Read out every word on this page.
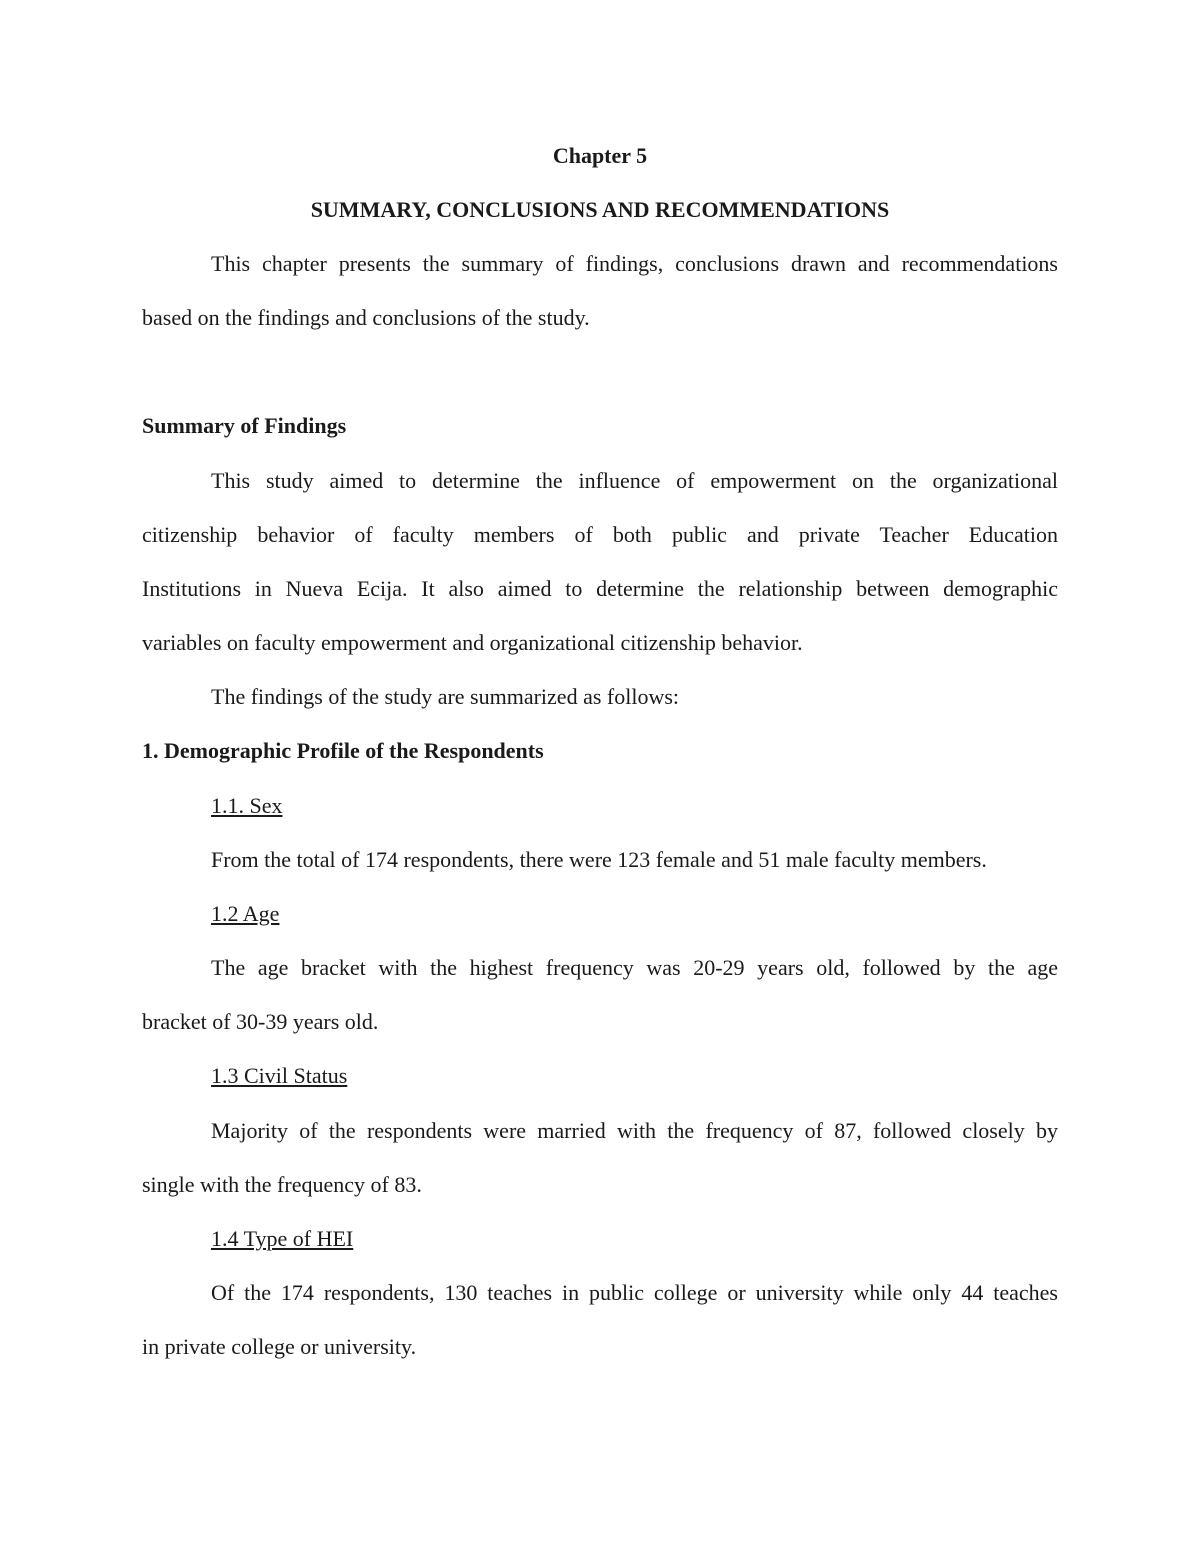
Chapter 5
SUMMARY, CONCLUSIONS AND RECOMMENDATIONS
This chapter presents the summary of findings, conclusions drawn and recommendations
based on the findings and conclusions of the study.
Summary of Findings
This study aimed to determine the influence of empowerment on the organizational
citizenship behavior of faculty members of both public and private Teacher Education
Institutions in Nueva Ecija. It also aimed to determine the relationship between demographic
variables on faculty empowerment and organizational citizenship behavior.
The findings of the study are summarized as follows:
1. Demographic Profile of the Respondents
1.1. Sex
From the total of 174 respondents, there were 123 female and 51 male faculty members.
1.2 Age
The age bracket with the highest frequency was 20-29 years old, followed by the age
bracket of 30-39 years old.
1.3 Civil Status
Majority of the respondents were married with the frequency of 87, followed closely by
single with the frequency of 83.
1.4 Type of HEI
Of the 174 respondents, 130 teaches in public college or university while only 44 teaches
in private college or university.
